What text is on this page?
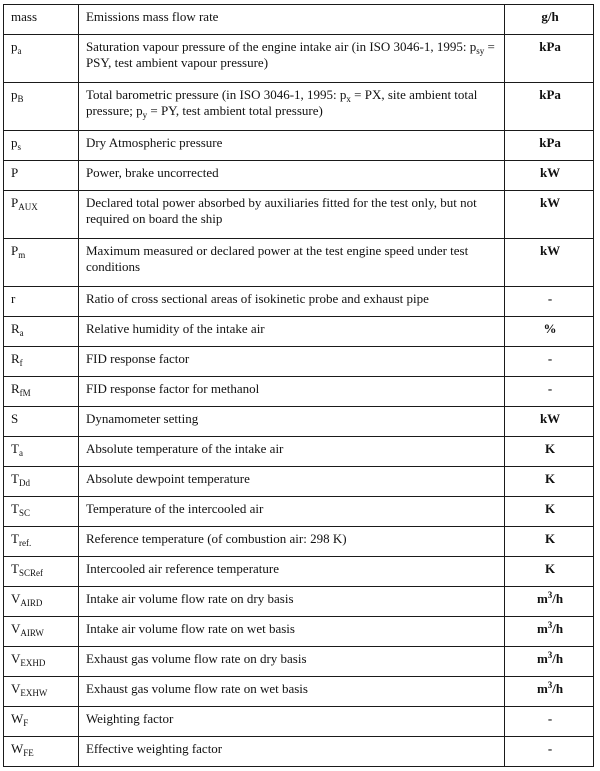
mass	Emissions mass flow rate	g/h
$p_a$	Saturation vapour pressure of the engine intake air (in ISO 3046-1, 1995: $p_{sy}$ = PSY, test ambient vapour pressure)	kPa
$p_B$	Total barometric pressure (in ISO 3046-1, 1995: $p_x$ = PX, site ambient total pressure; $p_y$ = PY, test ambient total pressure)	kPa
$p_s$	Dry Atmospheric pressure	kPa
P	Power, brake uncorrected	kW
$P_{AUX}$	Declared total power absorbed by auxiliaries fitted for the test only, but not required on board the ship	kW
$P_m$	Maximum measured or declared power at the test engine speed under test conditions	kW
r	Ratio of cross sectional areas of isokinetic probe and exhaust pipe	-
$R_a$	Relative humidity of the intake air	%
$R_f$	FID response factor	-
$R_{fM}$	FID response factor for methanol	-
S	Dynamometer setting	kW
$T_a$	Absolute temperature of the intake air	K
$T_{Dd}$	Absolute dewpoint temperature	K
$T_{SC}$	Temperature of the intercooled air	K
$T_{ref.}$	Reference temperature (of combustion air: 298 K)	K
$T_{SCRef}$	Intercooled air reference temperature	K
$V_{AIRD}$	Intake air volume flow rate on dry basis	$m^3/h$
$V_{AIRW}$	Intake air volume flow rate on wet basis	$m^3/h$
$V_{EXHD}$	Exhaust gas volume flow rate on dry basis	$m^3/h$
$V_{EXHW}$	Exhaust gas volume flow rate on wet basis	$m^3/h$
$W_F$	Weighting factor	-
$W_{FE}$	Effective weighting factor	-
